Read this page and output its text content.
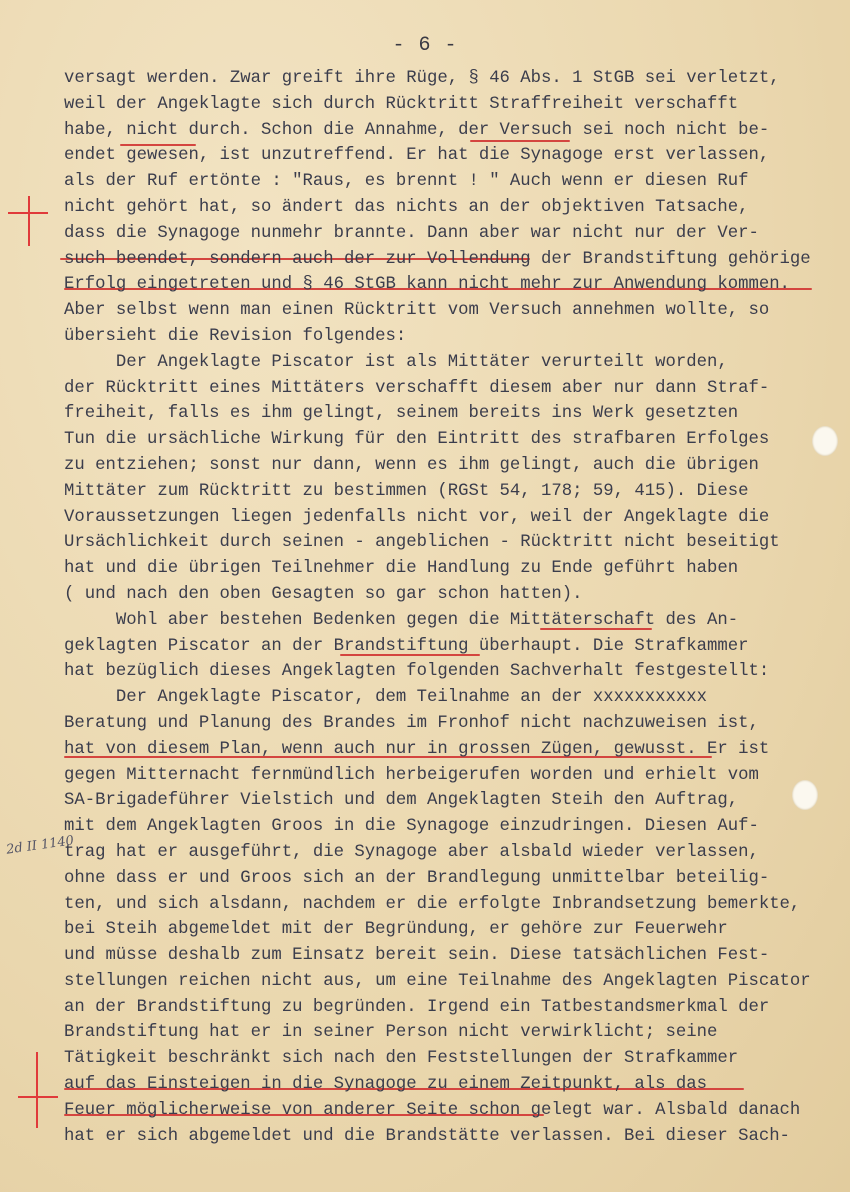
- 6 -
2d II 1140
versagt werden. Zwar greift ihre Rüge, § 46 Abs. 1 StGB sei verletzt,
weil der Angeklagte sich durch Rücktritt Straffreiheit verschafft
habe, nicht durch. Schon die Annahme, der Versuch sei noch nicht be-
endet gewesen, ist unzutreffend. Er hat die Synagoge erst verlassen,
als der Ruf ertönte : "Raus, es brennt ! " Auch wenn er diesen Ruf
nicht gehört hat, so ändert das nichts an der objektiven Tatsache,
dass die Synagoge nunmehr brannte. Dann aber war nicht nur der Ver-
such beendet, sondern auch der zur Vollendung der Brandstiftung gehörige
Erfolg eingetreten und § 46 StGB kann nicht mehr zur Anwendung kommen.
Aber selbst wenn man einen Rücktritt vom Versuch annehmen wollte, so
übersieht die Revision folgendes:
Der Angeklagte Piscator ist als Mittäter verurteilt worden,
der Rücktritt eines Mittäters verschafft diesem aber nur dann Straf-
freiheit, falls es ihm gelingt, seinem bereits ins Werk gesetzten
Tun die ursächliche Wirkung für den Eintritt des strafbaren Erfolges
zu entziehen; sonst nur dann, wenn es ihm gelingt, auch die übrigen
Mittäter zum Rücktritt zu bestimmen (RGSt 54, 178; 59, 415). Diese
Voraussetzungen liegen jedenfalls nicht vor, weil der Angeklagte die
Ursächlichkeit durch seinen - angeblichen - Rücktritt nicht beseitigt
hat und die übrigen Teilnehmer die Handlung zu Ende geführt haben
( und nach den oben Gesagten so gar schon hatten).
Wohl aber bestehen Bedenken gegen die Mittäterschaft des An-
geklagten Piscator an der Brandstiftung überhaupt. Die Strafkammer
hat bezüglich dieses Angeklagten folgenden Sachverhalt festgestellt:
Der Angeklagte Piscator, dem Teilnahme an der xxxxxxxxxxx
Beratung und Planung des Brandes im Fronhof nicht nachzuweisen ist,
hat von diesem Plan, wenn auch nur in grossen Zügen, gewusst. Er ist
gegen Mitternacht fernmündlich herbeigerufen worden und erhielt vom
SA-Brigadeführer Vielstich und dem Angeklagten Steih den Auftrag,
mit dem Angeklagten Groos in die Synagoge einzudringen. Diesen Auf-
trag hat er ausgeführt, die Synagoge aber alsbald wieder verlassen,
ohne dass er und Groos sich an der Brandlegung unmittelbar beteilig-
ten, und sich alsdann, nachdem er die erfolgte Inbrandsetzung bemerkte,
bei Steih abgemeldet mit der Begründung, er gehöre zur Feuerwehr
und müsse deshalb zum Einsatz bereit sein. Diese tatsächlichen Fest-
stellungen reichen nicht aus, um eine Teilnahme des Angeklagten Piscator
an der Brandstiftung zu begründen. Irgend ein Tatbestandsmerkmal der
Brandstiftung hat er in seiner Person nicht verwirklicht; seine
Tätigkeit beschränkt sich nach den Feststellungen der Strafkammer
auf das Einsteigen in die Synagoge zu einem Zeitpunkt, als das
Feuer möglicherweise von anderer Seite schon gelegt war. Alsbald danach
hat er sich abgemeldet und die Brandstätte verlassen. Bei dieser Sach-
